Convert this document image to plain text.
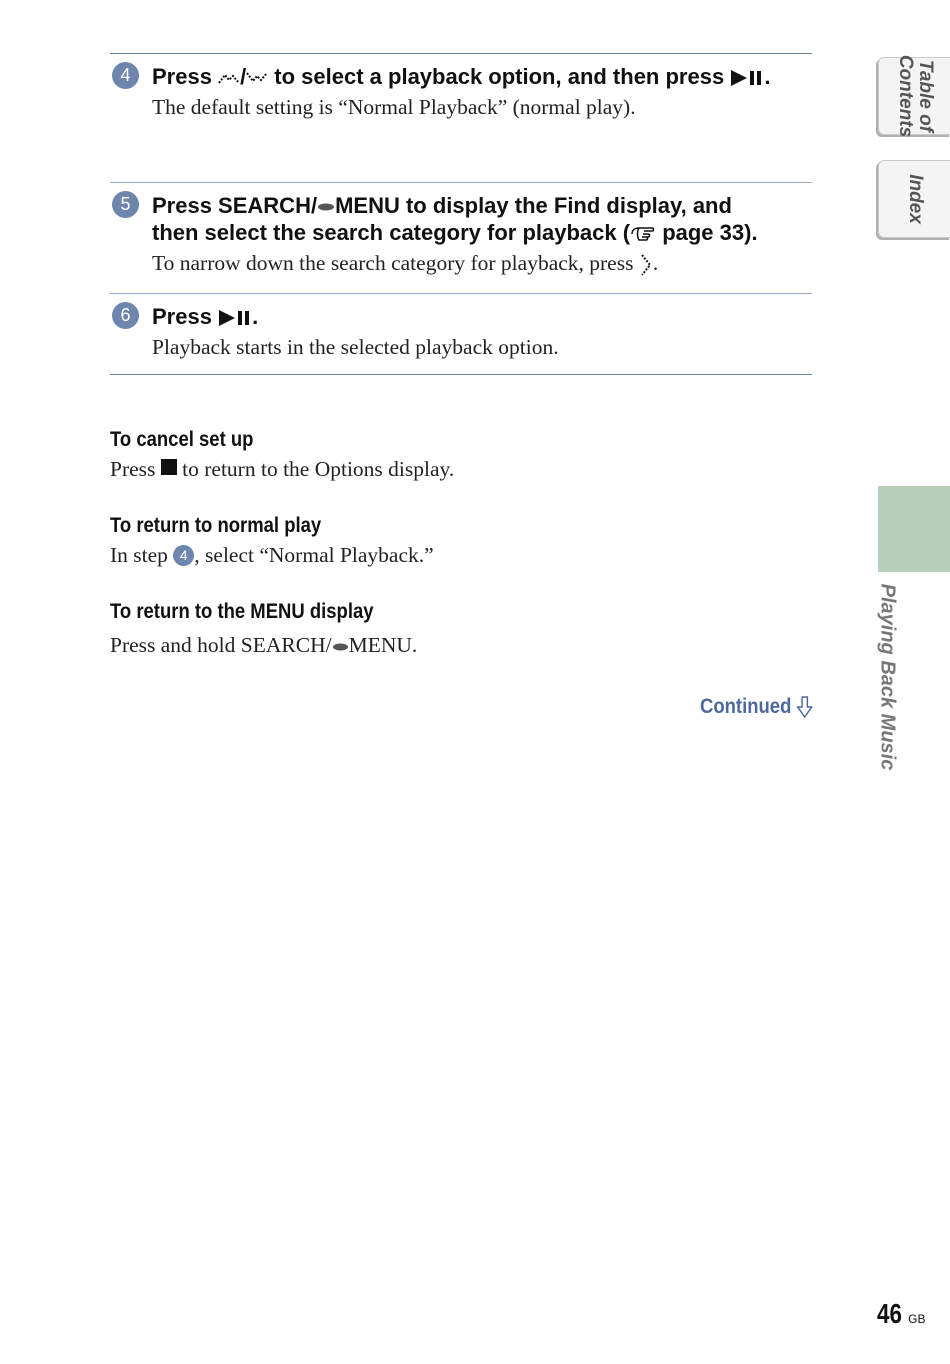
4 Press / to select a playback option, and then press .
The default setting is “Normal Playback” (normal play).
5 Press SEARCH/ MENU to display the Find display, and
then select the search category for playback ( page 33).
To narrow down the search category for playback, press .
6 Press .
Playback starts in the selected playback option.
To cancel set up
Press  to return to the Options display.
To return to normal play
In step 4 , select “Normal Playback.”
To return to the MENU display
Press and hold SEARCH/ MENU.
Continued
Table of
Contents
Index
Playing Back Music
46 GB
